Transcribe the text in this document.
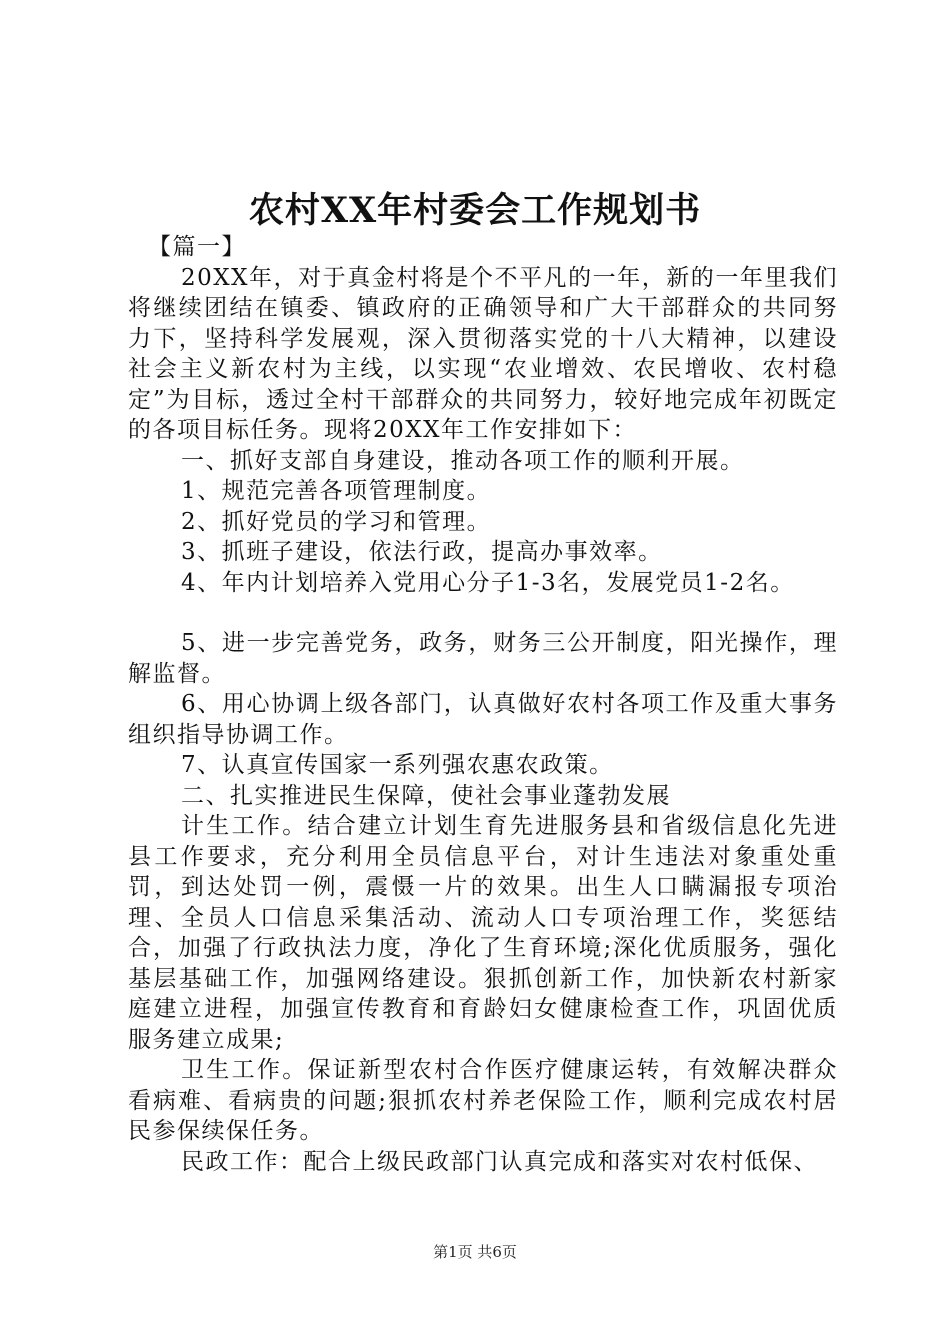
农村XX年村委会工作规划书

【篇一】

20XX年，对于真金村将是个不平凡的一年，新的一年里我们将继续团结在镇委、镇政府的正确领导和广大干部群众的共同努力下，坚持科学发展观，深入贯彻落实党的十八大精神，以建设社会主义新农村为主线，以实现“农业增效、农民增收、农村稳定”为目标，透过全村干部群众的共同努力，较好地完成年初既定的各项目标任务。现将20XX年工作安排如下：

一、抓好支部自身建设，推动各项工作的顺利开展。

1、规范完善各项管理制度。

2、抓好党员的学习和管理。

3、抓班子建设，依法行政，提高办事效率。

4、年内计划培养入党用心分子1-3名，发展党员1-2名。

5、进一步完善党务，政务，财务三公开制度，阳光操作，理解监督。

6、用心协调上级各部门，认真做好农村各项工作及重大事务组织指导协调工作。

7、认真宣传国家一系列强农惠农政策。

二、扎实推进民生保障，使社会事业蓬勃发展

计生工作。结合建立计划生育先进服务县和省级信息化先进县工作要求，充分利用全员信息平台，对计生违法对象重处重罚，到达处罚一例，震慑一片的效果。出生人口瞒漏报专项治理、全员人口信息采集活动、流动人口专项治理工作，奖惩结合，加强了行政执法力度，净化了生育环境;深化优质服务，强化基层基础工作，加强网络建设。狠抓创新工作，加快新农村新家庭建立进程，加强宣传教育和育龄妇女健康检查工作，巩固优质服务建立成果;

卫生工作。保证新型农村合作医疗健康运转，有效解决群众看病难、看病贵的问题;狠抓农村养老保险工作，顺利完成农村居民参保续保任务。

民政工作：配合上级民政部门认真完成和落实对农村低保、

第1页 共6页
